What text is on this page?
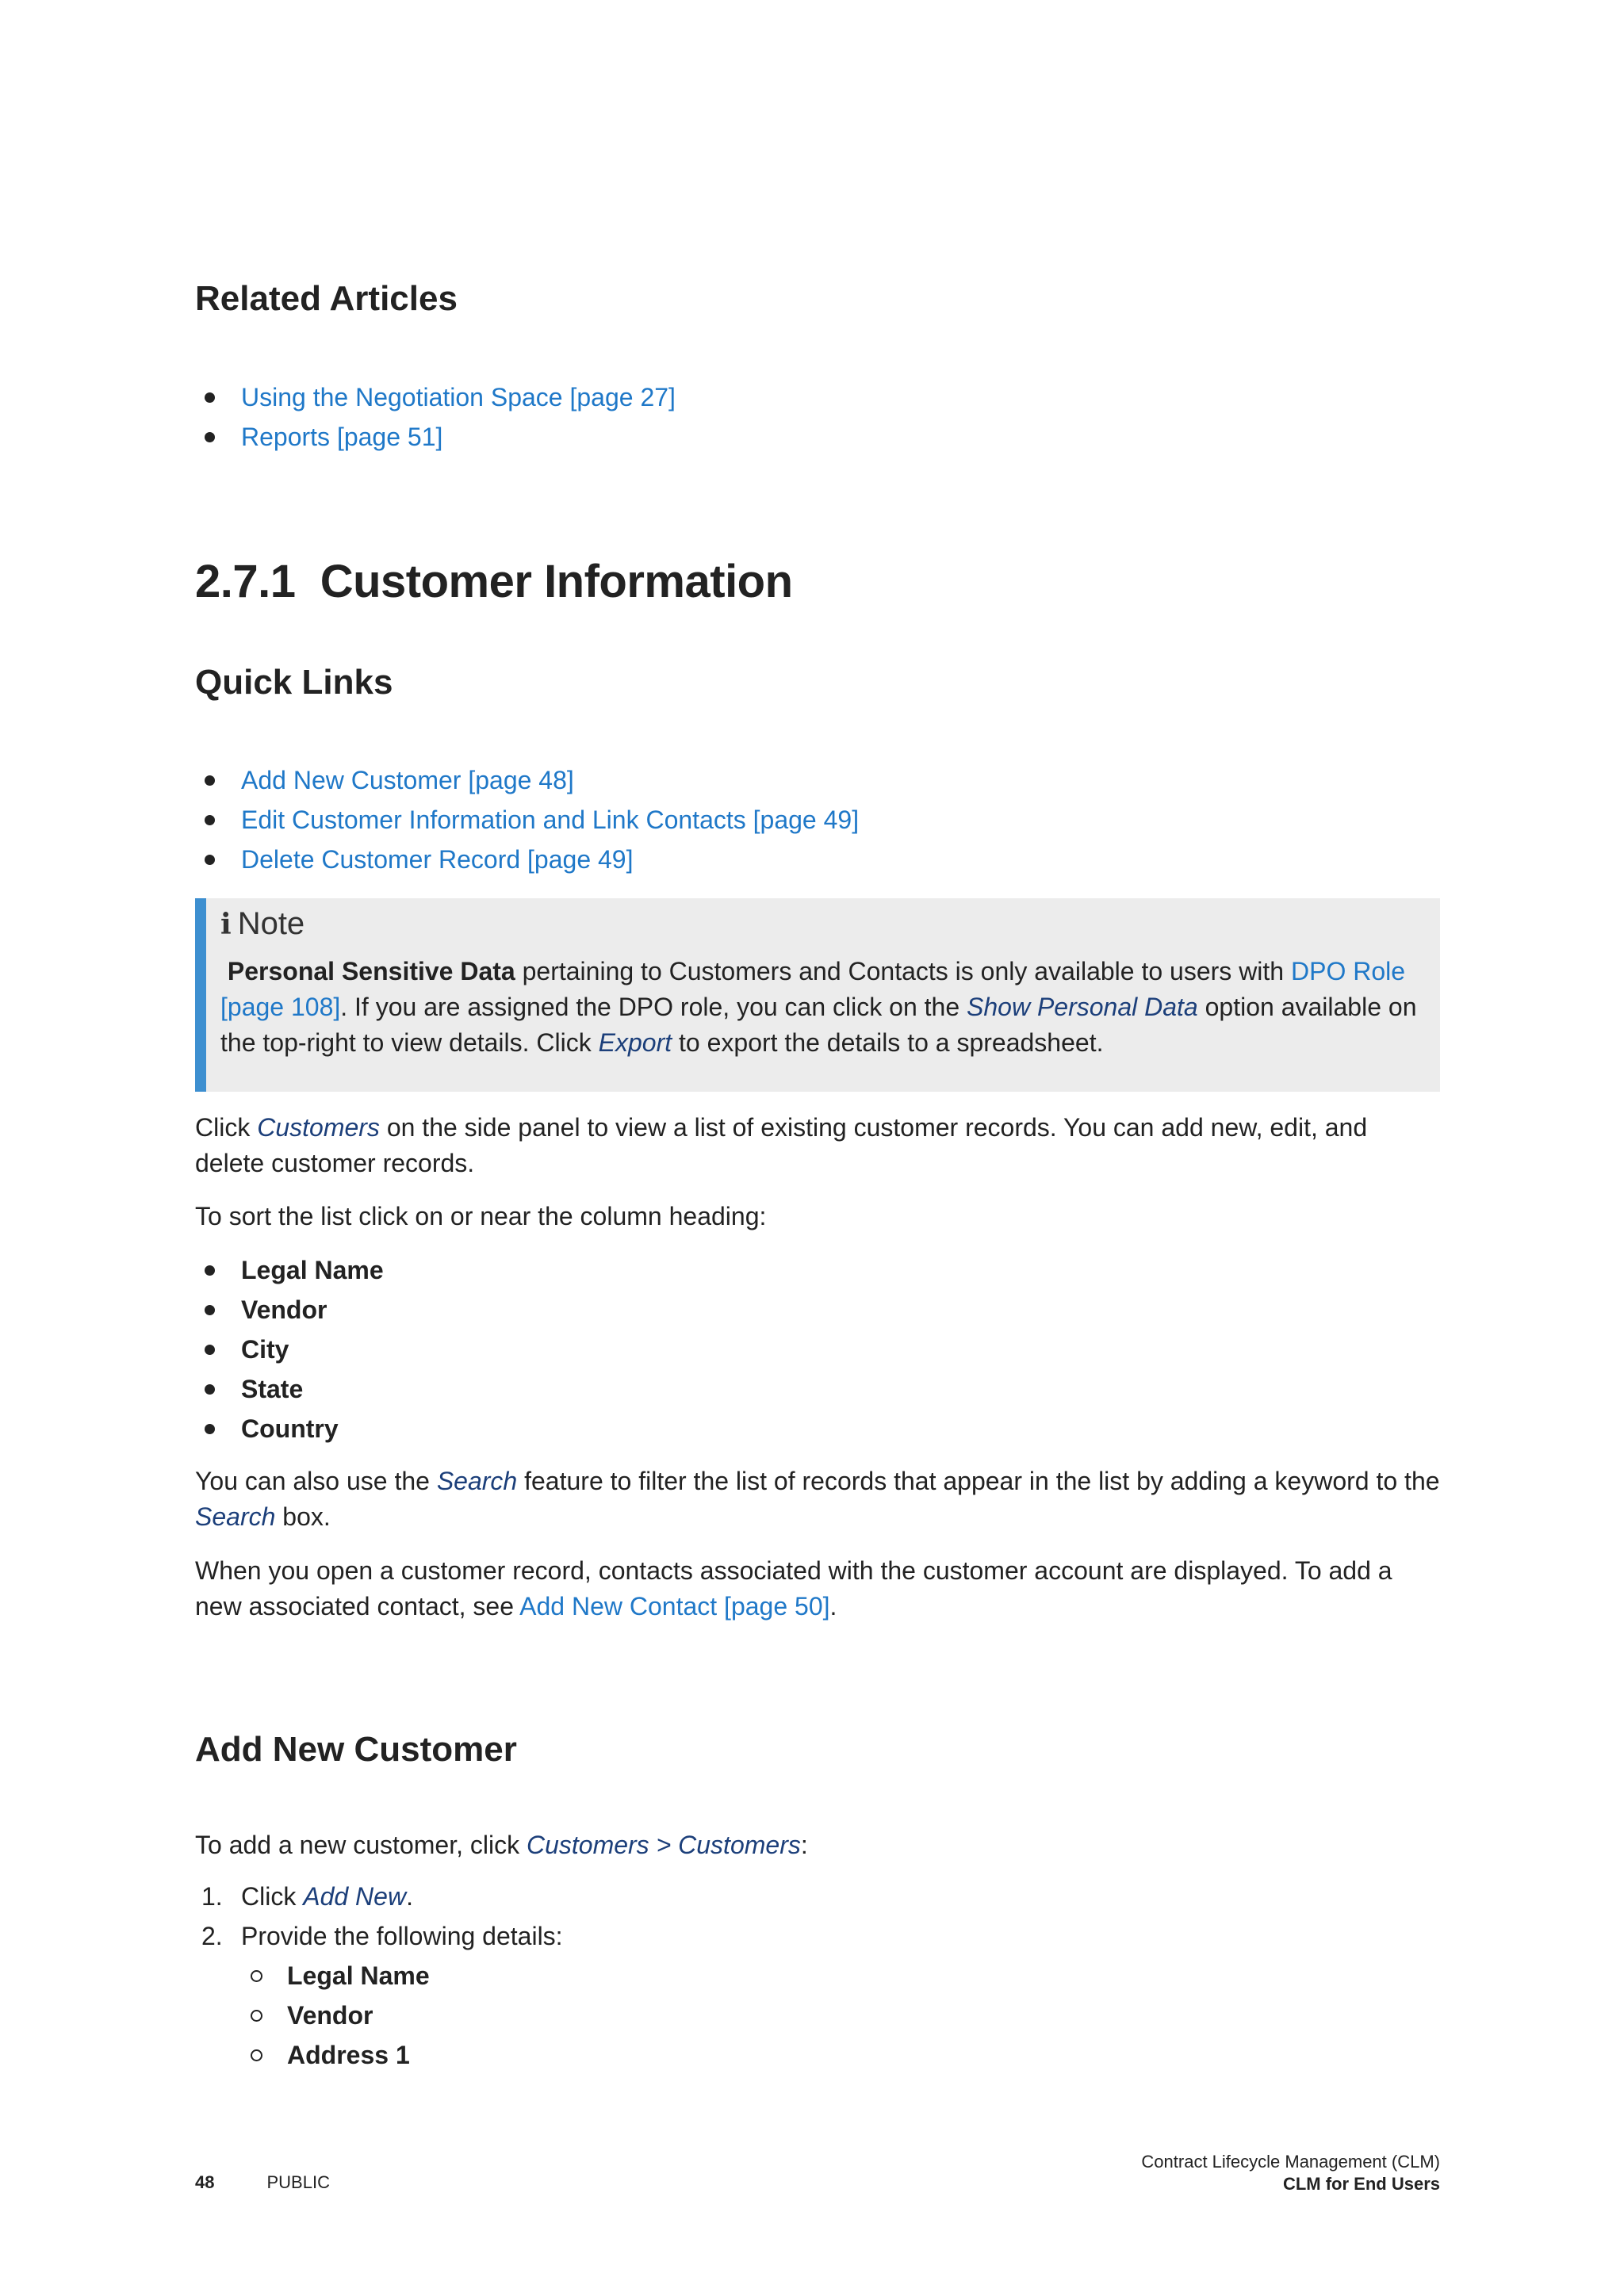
Related Articles
Using the Negotiation Space [page 27]
Reports [page 51]
2.7.1 Customer Information
Quick Links
Add New Customer [page 48]
Edit Customer Information and Link Contacts [page 49]
Delete Customer Record [page 49]
i Note
Personal Sensitive Data pertaining to Customers and Contacts is only available to users with DPO Role [page 108]. If you are assigned the DPO role, you can click on the Show Personal Data option available on the top-right to view details. Click Export to export the details to a spreadsheet.

Click Customers on the side panel to view a list of existing customer records. You can add new, edit, and delete customer records.

To sort the list click on or near the column heading:

Legal Name
Vendor
City
State
Country

You can also use the Search feature to filter the list of records that appear in the list by adding a keyword to the Search box.

When you open a customer record, contacts associated with the customer account are displayed. To add a new associated contact, see Add New Contact [page 50].

Add New Customer

To add a new customer, click Customers > Customers:

1. Click Add New.
2. Provide the following details:
Legal Name
Vendor
Address 1
48	PUBLIC
Contract Lifecycle Management (CLM)
CLM for End Users
